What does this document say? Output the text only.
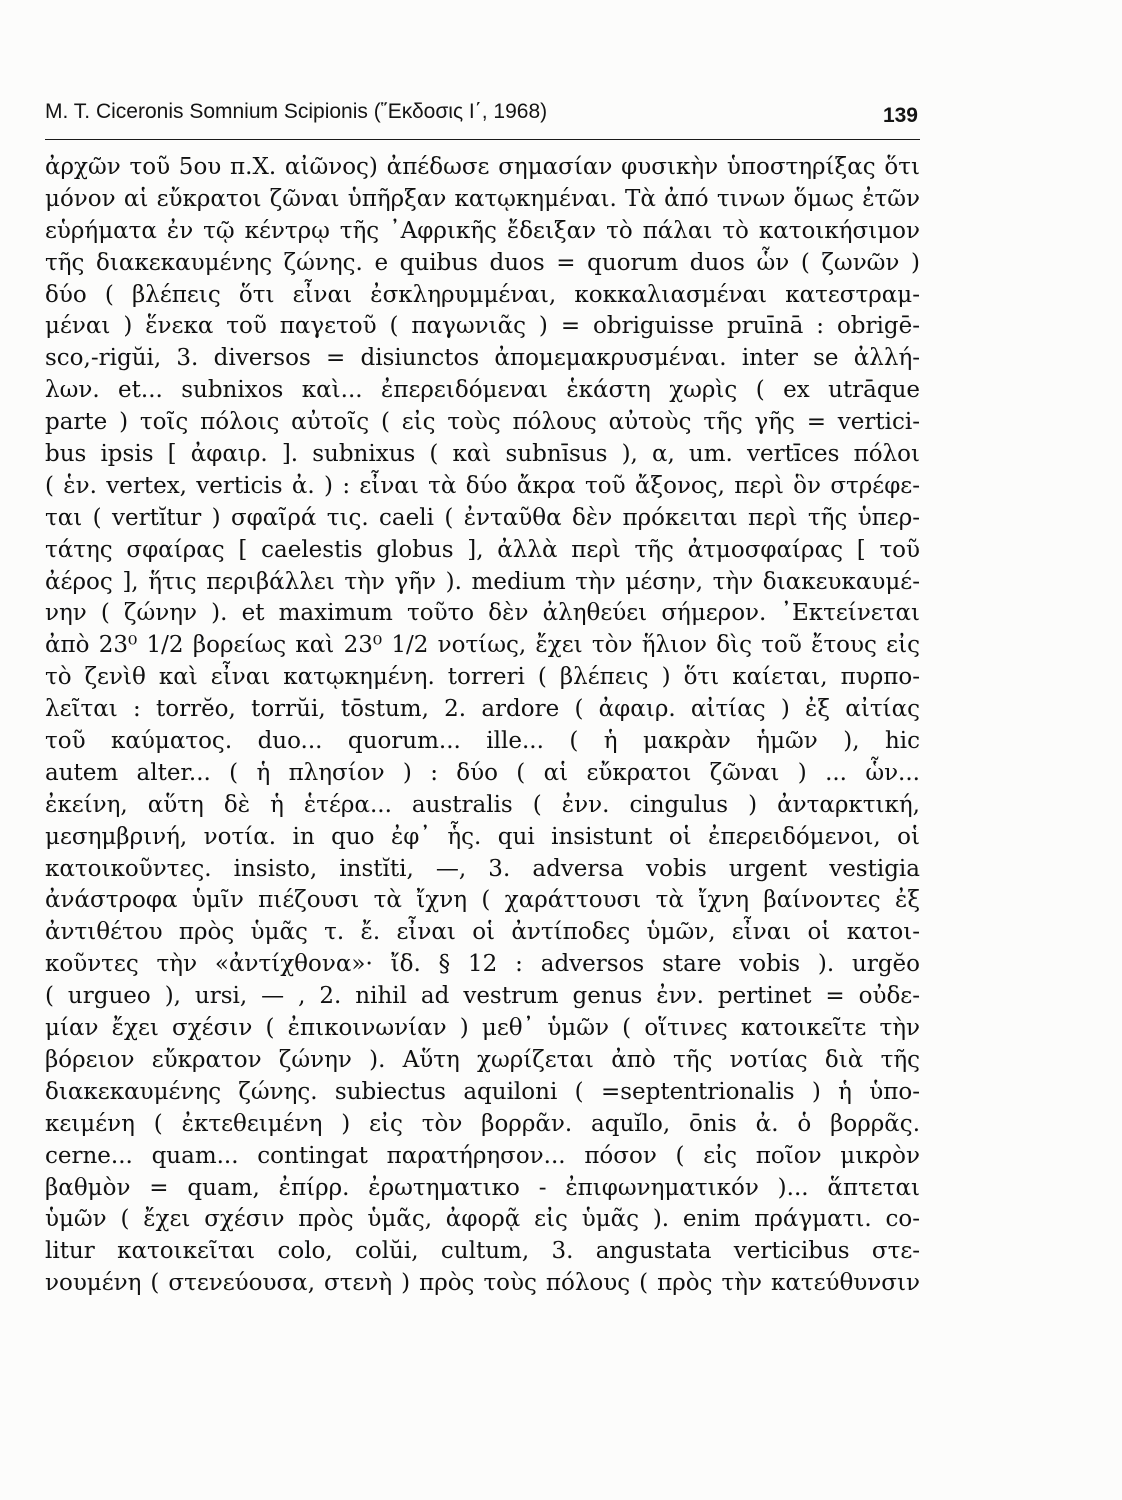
M. T. Ciceronis Somnium Scipionis (῞Εκδοσις Ι΄, 1968)	139
ἀρχῶν τοῦ 5ου π.Χ. αἰῶνος) ἀπέδωσε σημασίαν φυσικὴν ὑποστηρίξας ὅτι
μόνον αἱ εὔκρατοι ζῶναι ὑπῆρξαν κατῳκημέναι. Τὰ ἀπό τινων ὅμως ἐτῶν
εὑρήματα ἐν τῷ κέντρῳ τῆς ᾽Αφρικῆς ἔδειξαν τὸ πάλαι τὸ κατοικήσιμον
τῆς διακεκαυμένης ζώνης. e quibus duos = quorum duos ὧν ( ζωνῶν )
δύο ( βλέπεις ὅτι εἶναι ἐσκληρυμμέναι, κοκκαλιασμέναι κατεστραμ-
μέναι ) ἕνεκα τοῦ παγετοῦ ( παγωνιᾶς ) = obriguisse pruīnā : obrigē-
sco,-rigŭi, 3. diversos = disiunctos ἀπομεμακρυσμέναι. inter se ἀλλή-
λων. et... subnixos καὶ... ἐπερειδόμεναι ἑκάστη χωρὶς ( ex utrāque
parte ) τοῖς πόλοις αὐτοῖς ( εἰς τοὺς πόλους αὐτοὺς τῆς γῆς = vertici-
bus ipsis [ ἀφαιρ. ]. subnixus ( καὶ subnīsus ), α, um. vertīces πόλοι
( ἑν. vertex, verticis ἀ. ) : εἶναι τὰ δύο ἄκρα τοῦ ἄξονος, περὶ ὃν στρέφε-
ται ( vertĭtur ) σφαῖρά τις. caeli ( ἐνταῦθα δὲν πρόκειται περὶ τῆς ὑπερ-
τάτης σφαίρας [ caelestis globus ], ἀλλὰ περὶ τῆς ἀτμοσφαίρας [ τοῦ
ἀέρος ], ἥτις περιβάλλει τὴν γῆν ). medium τὴν μέσην, τὴν διακευκαυμέ-
νην ( ζώνην ). et maximum τοῦτο δὲν ἀληθεύει σήμερον. ᾽Εκτείνεται
ἀπὸ 23⁰ 1/2 βορείως καὶ 23⁰ 1/2 νοτίως, ἔχει τὸν ἥλιον δὶς τοῦ ἔτους εἰς
τὸ ζενὶθ καὶ εἶναι κατῳκημένη. torreri ( βλέπεις ) ὅτι καίεται, πυρπο-
λεῖται : torrĕo, torrŭi, tōstum, 2. ardore ( ἀφαιρ. αἰτίας ) ἐξ αἰτίας
τοῦ καύματος. duo... quorum... ille... ( ἡ μακρὰν ἡμῶν ), hic
autem alter... ( ἡ πλησίον ) : δύο ( αἱ εὔκρατοι ζῶναι ) ... ὧν...
ἐκείνη, αὕτη δὲ ἡ ἑτέρα... australis ( ἐνν. cingulus ) ἀνταρκτική,
μεσημβρινή, νοτία. in quo ἐφ᾽ ἧς. qui insistunt οἱ ἐπερειδόμενοι, οἱ
κατοικοῦντες. insisto, instĭti, —, 3. adversa vobis urgent vestigia
ἀνάστροφα ὑμῖν πιέζουσι τὰ ἴχνη ( χαράττουσι τὰ ἴχνη βαίνοντες ἐξ
ἀντιθέτου πρὸς ὑμᾶς τ. ἔ. εἶναι οἱ ἀντίποδες ὑμῶν, εἶναι οἱ κατοι-
κοῦντες τὴν «ἀντίχθονα»· ἴδ. § 12 : adversos stare vobis ). urgĕo
( urgueo ), ursi, — , 2. nihil ad vestrum genus ἐνν. pertinet = οὐδε-
μίαν ἔχει σχέσιν ( ἐπικοινωνίαν ) μεθ᾽ ὑμῶν ( οἵτινες κατοικεῖτε τὴν
βόρειον εὔκρατον ζώνην ). Αὕτη χωρίζεται ἀπὸ τῆς νοτίας διὰ τῆς
διακεκαυμένης ζώνης. subiectus aquiloni ( =septentrionalis ) ἡ ὑπο-
κειμένη ( ἐκτεθειμένη ) εἰς τὸν βορρᾶν. aquĭlo, ōnis ἀ. ὁ βορρᾶς.
cerne... quam... contingat παρατήρησον... πόσον ( εἰς ποῖον μικρὸν
βαθμὸν = quam, ἐπίρρ. ἐρωτηματικο - ἐπιφωνηματικόν )... ἅπτεται
ὑμῶν ( ἔχει σχέσιν πρὸς ὑμᾶς, ἀφορᾷ εἰς ὑμᾶς ). enim πράγματι. co-
litur κατοικεῖται colo, colŭi, cultum, 3. angustata verticibus στε-
νουμένη ( στενεύουσα, στενὴ ) πρὸς τοὺς πόλους ( πρὸς τὴν κατεύθυνσιν
